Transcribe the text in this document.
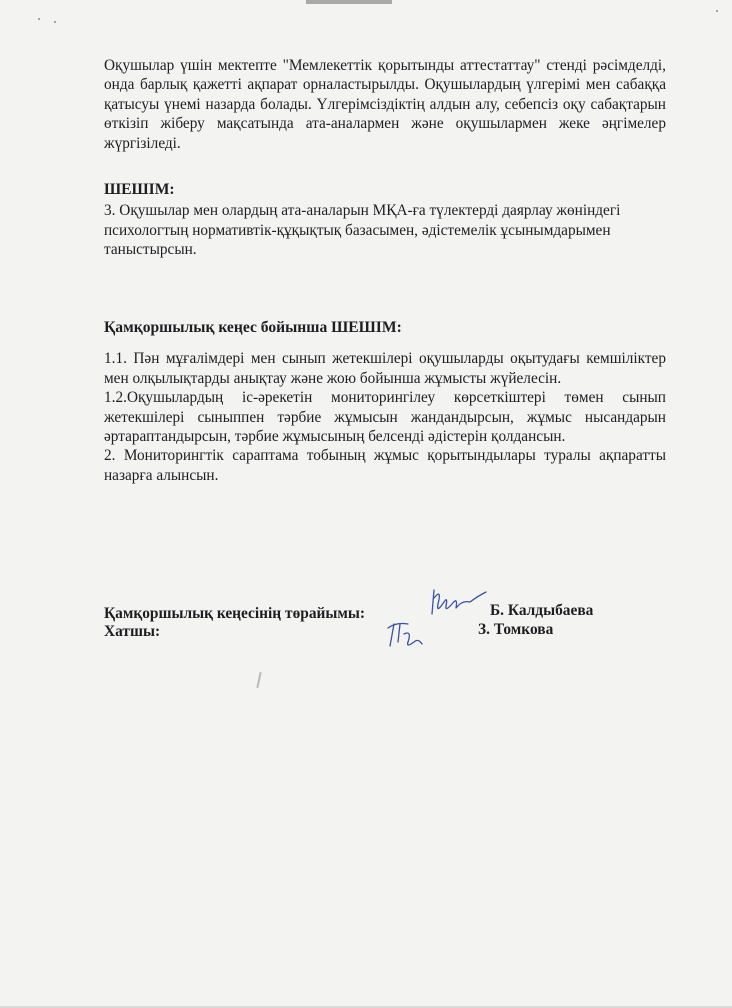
Оқушылар үшін мектепте "Мемлекеттік қорытынды аттестаттау" стенді рәсімделді, онда барлық қажетті ақпарат орналастырылды. Оқушылардың үлгерімі мен сабаққа қатысуы үнемі назарда болады. Үлгерімсіздіктің алдын алу, себепсіз оқу сабақтарын өткізіп жіберу мақсатында ата-аналармен және оқушылармен жеке әңгімелер жүргізіледі.

ШЕШІМ:

3. Оқушылар мен олардың ата-аналарын МҚА-ға түлектерді даярлау жөніндегі психологтың нормативтік-құқықтық базасымен, әдістемелік ұсынымдарымен таныстырсын.

Қамқоршылық кеңес бойынша ШЕШІМ:

1.1. Пән мұғалімдері мен сынып жетекшілері оқушыларды оқытудағы кемшіліктер мен олқылықтарды анықтау және жою бойынша жұмысты жүйелесін.

1.2.Оқушылардың іс-әрекетін мониторингілеу көрсеткіштері төмен сынып жетекшілері сыныппен тәрбие жұмысын жандандырсын, жұмыс нысандарын әртараптандырсын, тәрбие жұмысының белсенді әдістерін қолдансын.

2. Мониторингтік сараптама тобының жұмыс қорытындылары туралы ақпаратты назарға алынсын.

Қамқоршылық кеңесінің төрайымы:
Хатшы:
Б. Калдыбаева
З. Томкова
